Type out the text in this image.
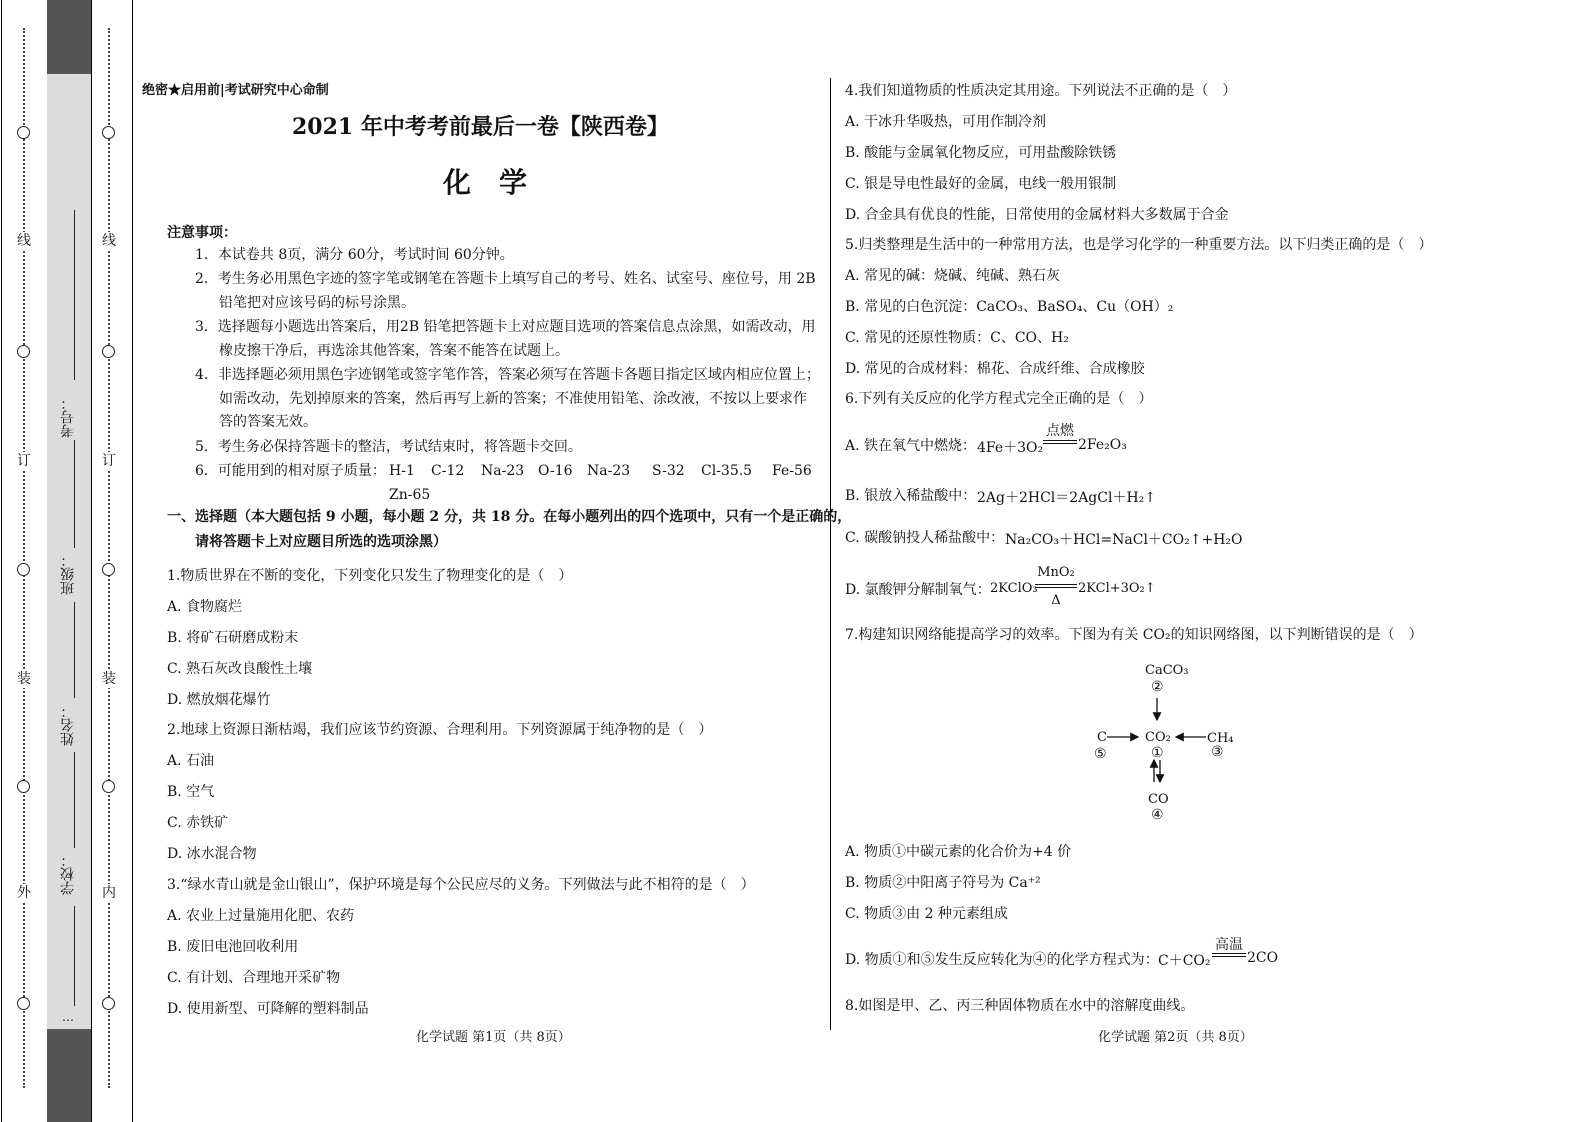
线
订
装
外
线
订
装
内
考号：
班级：
姓名：
学校：
…
绝密★启用前|考试研究中心命制
2021 年中考考前最后一卷【陕西卷】
化　学
注意事项：
1．本试卷共 8页，满分 60分，考试时间 60分钟。
2．考生务必用黑色字迹的签字笔或钢笔在答题卡上填写自己的考号、姓名、试室号、座位号，用 2B
铅笔把对应该号码的标号涂黑。
3．选择题每小题选出答案后，用2B 铅笔把答题卡上对应题目选项的答案信息点涂黑，如需改动，用
橡皮擦干净后，再选涂其他答案，答案不能答在试题上。
4．非选择题必须用黑色字迹钢笔或签字笔作答，答案必须写在答题卡各题目指定区域内相应位置上；
如需改动，先划掉原来的答案，然后再写上新的答案；不准使用铅笔、涂改液，不按以上要求作
答的答案无效。
5．考生务必保持答题卡的整洁，考试结束时，将答题卡交回。
6．可能用到的相对原子质量： H-1 C-12 Na-23 O-16 Na-23 S-32 Cl-35.5 Fe-56
Zn-65
一、选择题（本大题包括 9 小题，每小题 2 分，共 18 分。在每小题列出的四个选项中，只有一个是正确的，
请将答题卡上对应题目所选的选项涂黑）
1.物质世界在不断的变化，下列变化只发生了物理变化的是（　）
A. 食物腐烂
B. 将矿石研磨成粉末
C. 熟石灰改良酸性土壤
D. 燃放烟花爆竹
2.地球上资源日渐枯竭，我们应该节约资源、合理利用。下列资源属于纯净物的是（　）
A. 石油
B. 空气
C. 赤铁矿
D. 冰水混合物
3.“绿水青山就是金山银山”，保护环境是每个公民应尽的义务。下列做法与此不相符的是（　）
A. 农业上过量施用化肥、农药
B. 废旧电池回收利用
C. 有计划、合理地开采矿物
D. 使用新型、可降解的塑料制品
化学试题 第1页（共 8页）
4.我们知道物质的性质决定其用途。下列说法不正确的是（　）
A. 干冰升华吸热，可用作制冷剂
B. 酸能与金属氧化物反应，可用盐酸除铁锈
C. 银是导电性最好的金属，电线一般用银制
D. 合金具有优良的性能，日常使用的金属材料大多数属于合金
5.归类整理是生活中的一种常用方法，也是学习化学的一种重要方法。以下归类正确的是（　）
A. 常见的碱：烧碱、纯碱、熟石灰
B. 常见的白色沉淀：CaCO₃、BaSO₄、Cu（OH）₂
C. 常见的还原性物质：C、CO、H₂
D. 常见的合成材料：棉花、合成纤维、合成橡胶
6.下列有关反应的化学方程式完全正确的是（　）
A. 铁在氧气中燃烧： 4Fe＋3O₂
点燃
2Fe₂O₃
B. 银放入稀盐酸中： 2Ag＋2HCl＝2AgCl＋H₂↑
C. 碳酸钠投人稀盐酸中： Na₂CO₃＋HCl=NaCl＋CO₂↑+H₂O
D. 氯酸钾分解制氧气： 2KClO₃
MnO₂
Δ
2KCl+3O₂↑
7.构建知识网络能提高学习的效率。下图为有关 CO₂的知识网络图，以下判断错误的是（　）
CaCO₃
②
C
⑤
CO₂
①
CH₄
③
CO
④
A. 物质①中碳元素的化合价为+4 价
B. 物质②中阳离子符号为 Ca⁺²
C. 物质③由 2 种元素组成
D. 物质①和⑤发生反应转化为④的化学方程式为： C＋CO₂
高温
2CO
8.如图是甲、乙、丙三种固体物质在水中的溶解度曲线。
化学试题 第2页（共 8页）
